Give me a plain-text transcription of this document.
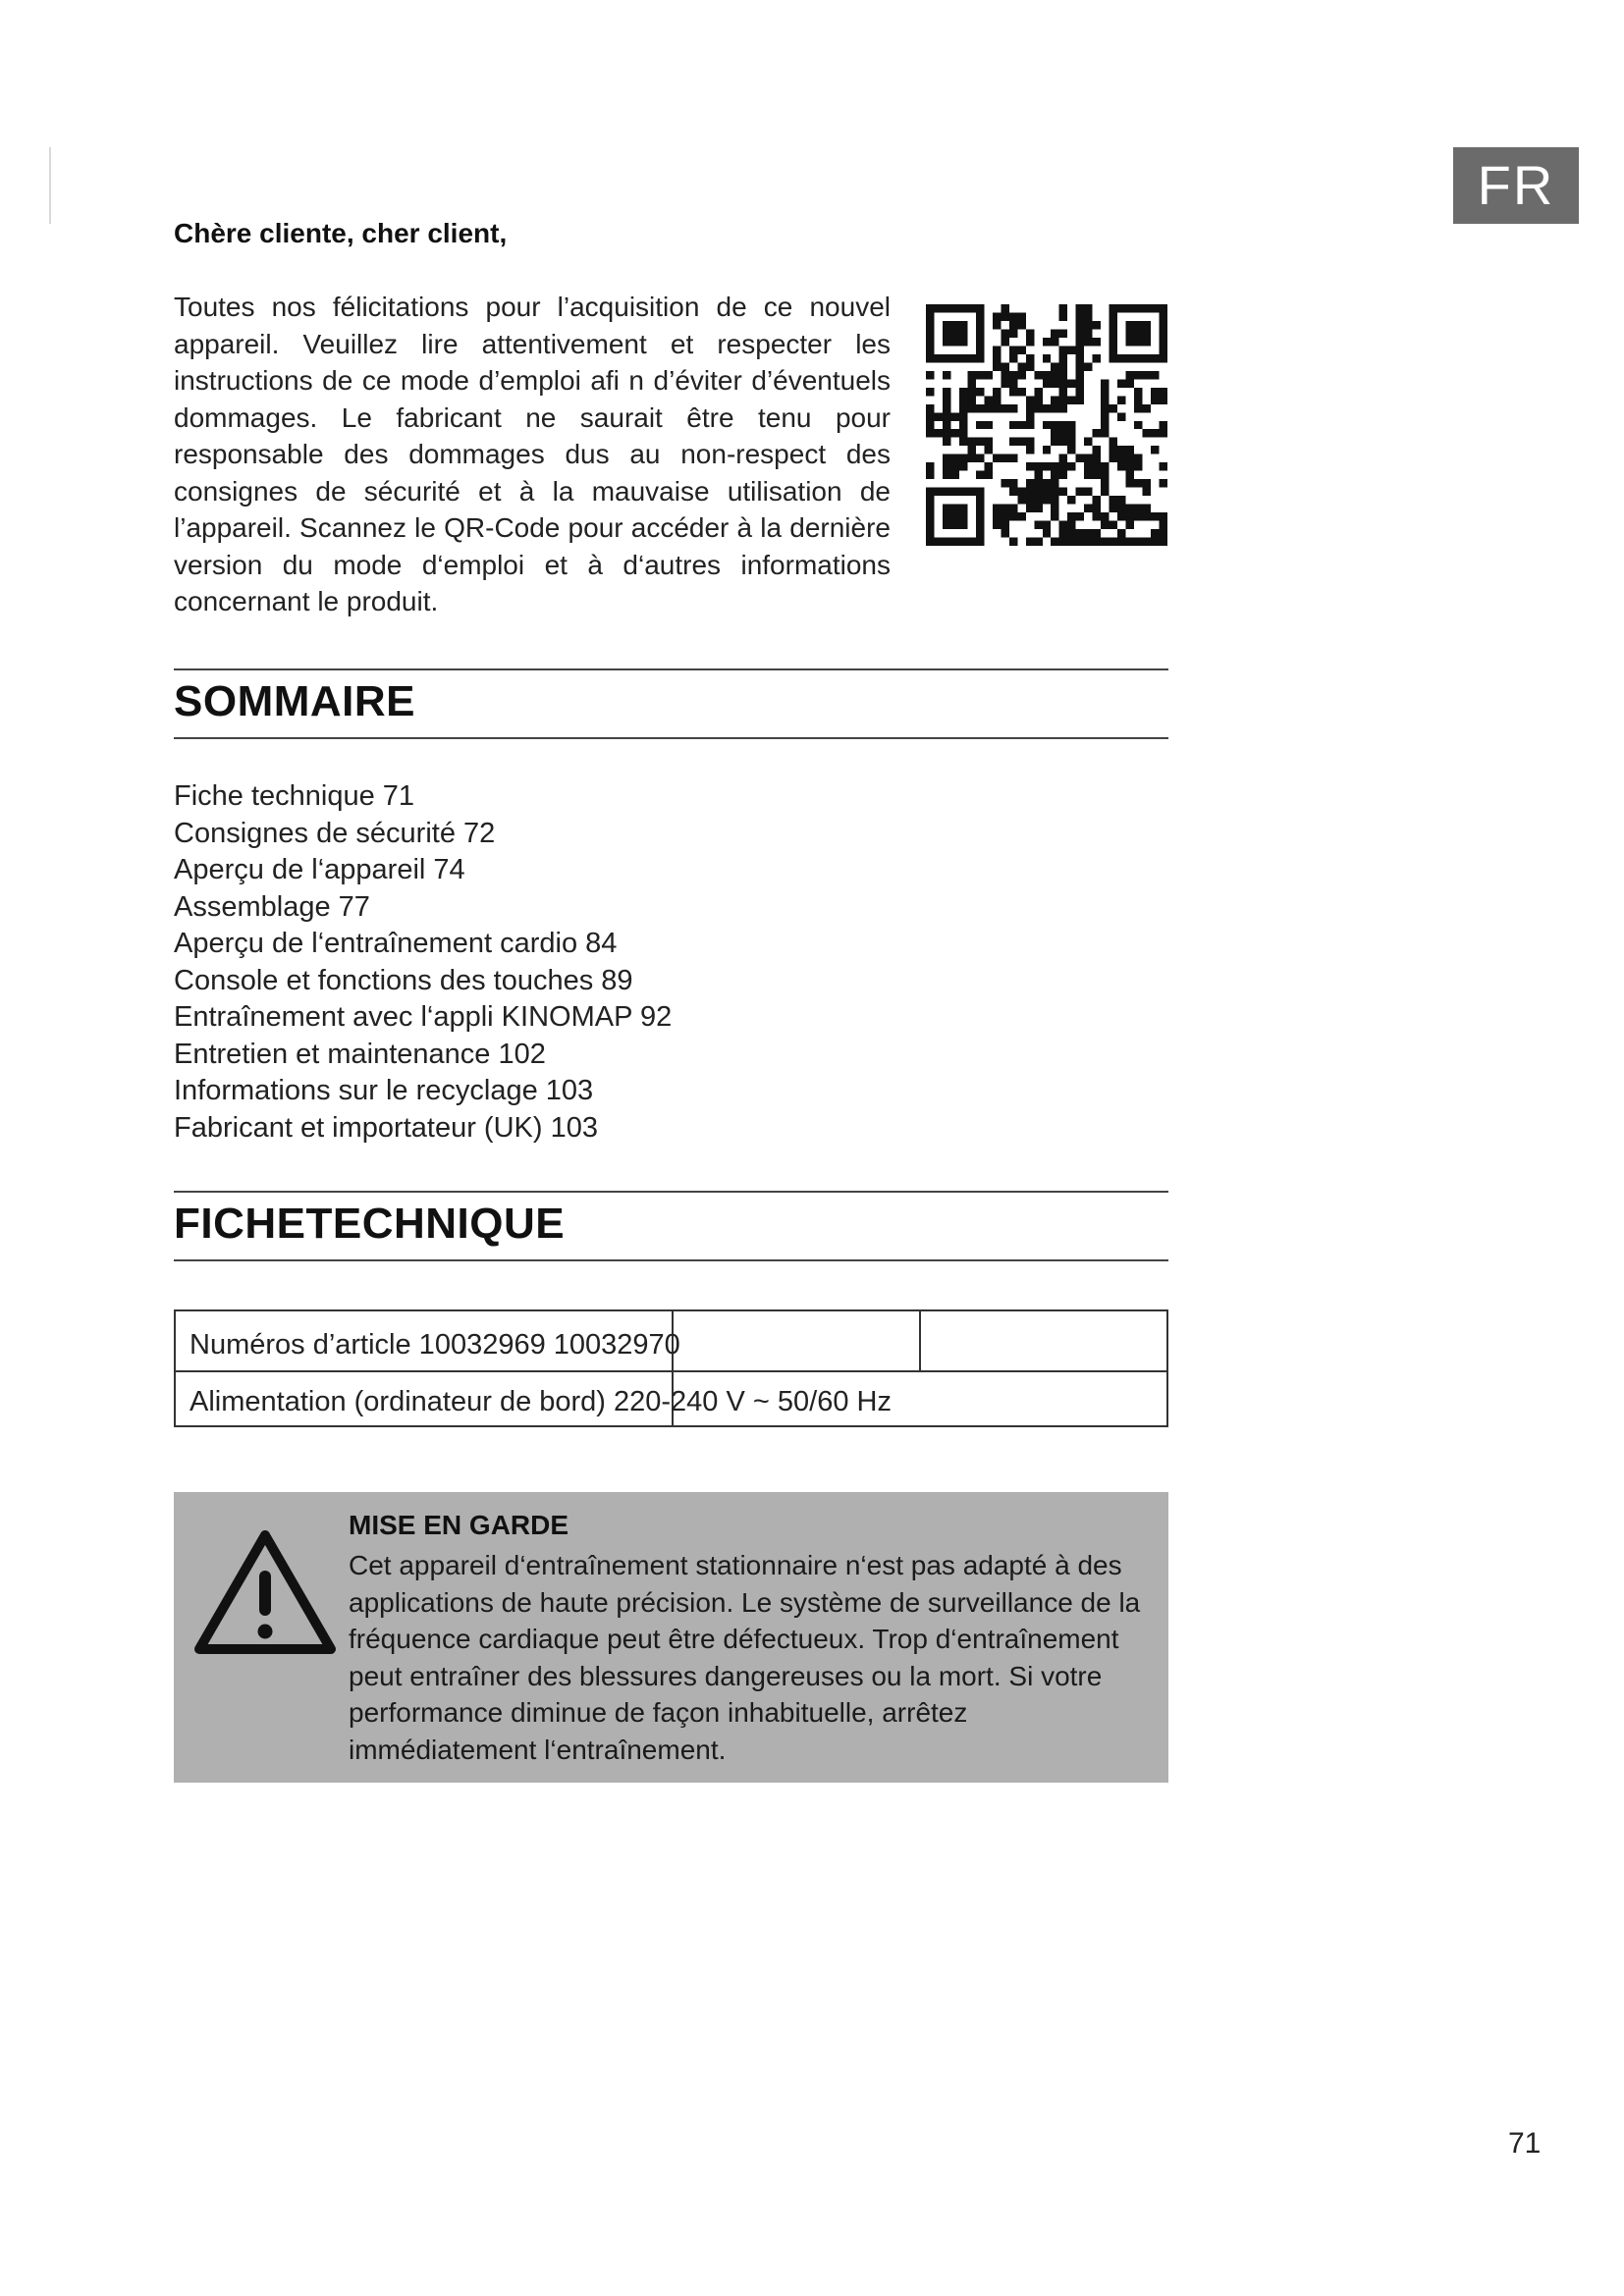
FR
Chère cliente, cher client,
Toutes nos félicitations pour l’acquisition de ce nouvel appareil. Veuillez lire attentivement et respecter les instructions de ce mode d’emploi afi n d’éviter d’éventuels dommages. Le fabricant ne saurait être tenu pour responsable des dommages dus au non-respect des consignes de sécurité et à la mauvaise utilisation de l’appareil. Scannez le QR-Code pour accéder à la dernière version du mode d‘emploi et à d‘autres informations concernant le produit.
SOMMAIRE
Fiche technique 71
Consignes de sécurité 72
Aperçu de l‘appareil 74
Assemblage 77
Aperçu de l‘entraînement cardio 84
Console et fonctions des touches 89
Entraînement avec l‘appli KINOMAP 92
Entretien et maintenance 102
Informations sur le recyclage 103
Fabricant et importateur (UK) 103
FICHETECHNIQUE
Numéros d’article 10032969 10032970
Alimentation (ordinateur de bord) 220-240 V ~ 50/60 Hz
MISE EN GARDE
Cet appareil d‘entraînement stationnaire n‘est pas adapté à des applications de haute précision. Le système de surveillance de la fréquence cardiaque peut être défectueux. Trop d‘entraînement peut entraîner des blessures dangereuses ou la mort. Si votre performance diminue de façon inhabituelle, arrêtez immédiatement l‘entraînement.
71
